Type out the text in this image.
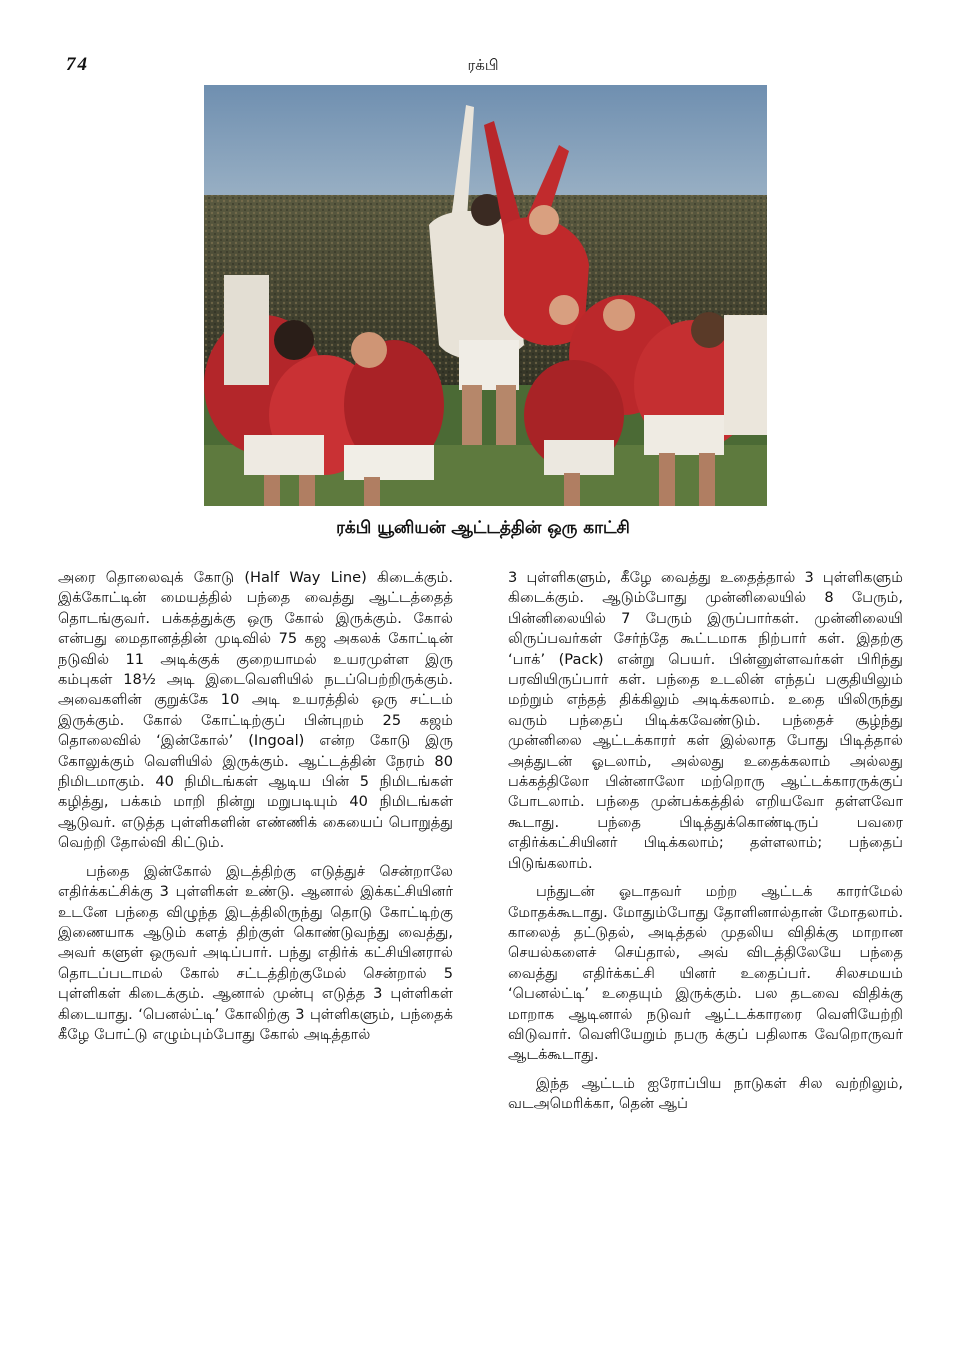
74	ரக்பி
ரக்பி யூனியன் ஆட்டத்தின் ஒரு காட்சி

அரை தொலைவுக் கோடு (Half Way Line) கிடைக்கும். இக்கோட்டின் மையத்தில் பந்தை வைத்து ஆட்டத்தைத் தொடங்குவர். பக்கத்துக்கு ஒரு கோல் இருக்கும். கோல் என்பது மைதானத்தின் முடிவில் 75 கஜ அகலக் கோட்டின் நடுவில் 11 அடிக்குக் குறையாமல் உயரமுள்ள இரு கம்புகள் 18½ அடி இடைவெளியில் நடப்பெற்றிருக்கும். அவைகளின் குறுக்கே 10 அடி உயரத்தில் ஒரு சட்டம் இருக்கும். கோல் கோட்டிற்குப் பின்புறம் 25 கஜம் தொலைவில் ‘இன்கோல்’ (Ingoal) என்ற கோடு இரு கோலுக்கும் வெளியில் இருக்கும். ஆட்டத்தின் நேரம் 80 நிமிடமாகும். 40 நிமிடங்கள் ஆடிய பின் 5 நிமிடங்கள் கழித்து, பக்கம் மாறி நின்று மறுபடியும் 40 நிமிடங்கள் ஆடுவர். எடுத்த புள்ளிகளின் எண்ணிக் கையைப் பொறுத்து வெற்றி தோல்வி கிட்டும்.

பந்தை இன்கோல் இடத்திற்கு எடுத்துச் சென்றாலே எதிர்க்கட்சிக்கு 3 புள்ளிகள் உண்டு. ஆனால் இக்கட்சியினர் உடனே பந்தை விழுந்த இடத்திலிருந்து தொடு கோட்டிற்கு இணையாக ஆடும் களத் திற்குள் கொண்டுவந்து வைத்து, அவர் களுள் ஒருவர் அடிப்பார். பந்து எதிர்க் கட்சியினரால் தொடப்படாமல் கோல் சட்டத்திற்குமேல் சென்றால் 5 புள்ளிகள் கிடைக்கும். ஆனால் முன்பு எடுத்த 3 புள்ளிகள் கிடையாது. ‘பெனல்ட்டி’ கோலிற்கு 3 புள்ளிகளும், பந்தைக் கீழே போட்டு எழும்பும்போது கோல் அடித்தால்

3 புள்ளிகளும், கீழே வைத்து உதைத்தால் 3 புள்ளிகளும் கிடைக்கும். ஆடும்போது முன்னிலையில் 8 பேரும், பின்னிலையில் 7 பேரும் இருப்பார்கள். முன்னிலையி லிருப்பவர்கள் சேர்ந்தே கூட்டமாக நிற்பார் கள். இதற்கு ‘பாக்’ (Pack) என்று பெயர். பின்னுள்ளவர்கள் பிரிந்து பரவியிருப்பார் கள். பந்தை உடலின் எந்தப் பகுதியிலும் மற்றும் எந்தத் திக்கிலும் அடிக்கலாம். உதை யிலிருந்து வரும் பந்தைப் பிடிக்கவேண்டும். பந்தைச் சூழ்ந்து முன்னிலை ஆட்டக்காரர் கள் இல்லாத போது பிடித்தால் அத்துடன் ஓடலாம், அல்லது உதைக்கலாம் அல்லது பக்கத்திலோ பின்னாலோ மற்றொரு ஆட்டக்காரருக்குப் போடலாம். பந்தை முன்பக்கத்தில் எறியவோ தள்ளவோ கூடாது. பந்தை பிடித்துக்கொண்டிருப் பவரை எதிர்க்கட்சியினர் பிடிக்கலாம்; தள்ளலாம்; பந்தைப் பிடுங்கலாம்.

பந்துடன் ஓடாதவர் மற்ற ஆட்டக் காரர்மேல் மோதக்கூடாது. மோதும்போது தோளினால்தான் மோதலாம். காலைத் தட்டுதல், அடித்தல் முதலிய விதிக்கு மாறான செயல்களைச் செய்தால், அவ் விடத்திலேயே பந்தை வைத்து எதிர்க்கட்சி யினர் உதைப்பர். சிலசமயம் ‘பெனல்ட்டி’ உதையும் இருக்கும். பல தடவை விதிக்கு மாறாக ஆடினால் நடுவர் ஆட்டக்காரரை வெளியேற்றி விடுவார். வெளியேறும் நபரு க்குப் பதிலாக வேறொருவர் ஆடக்கூடாது.

இந்த ஆட்டம் ஐரோப்பிய நாடுகள் சில வற்றிலும், வடஅமெரிக்கா, தென் ஆப்
